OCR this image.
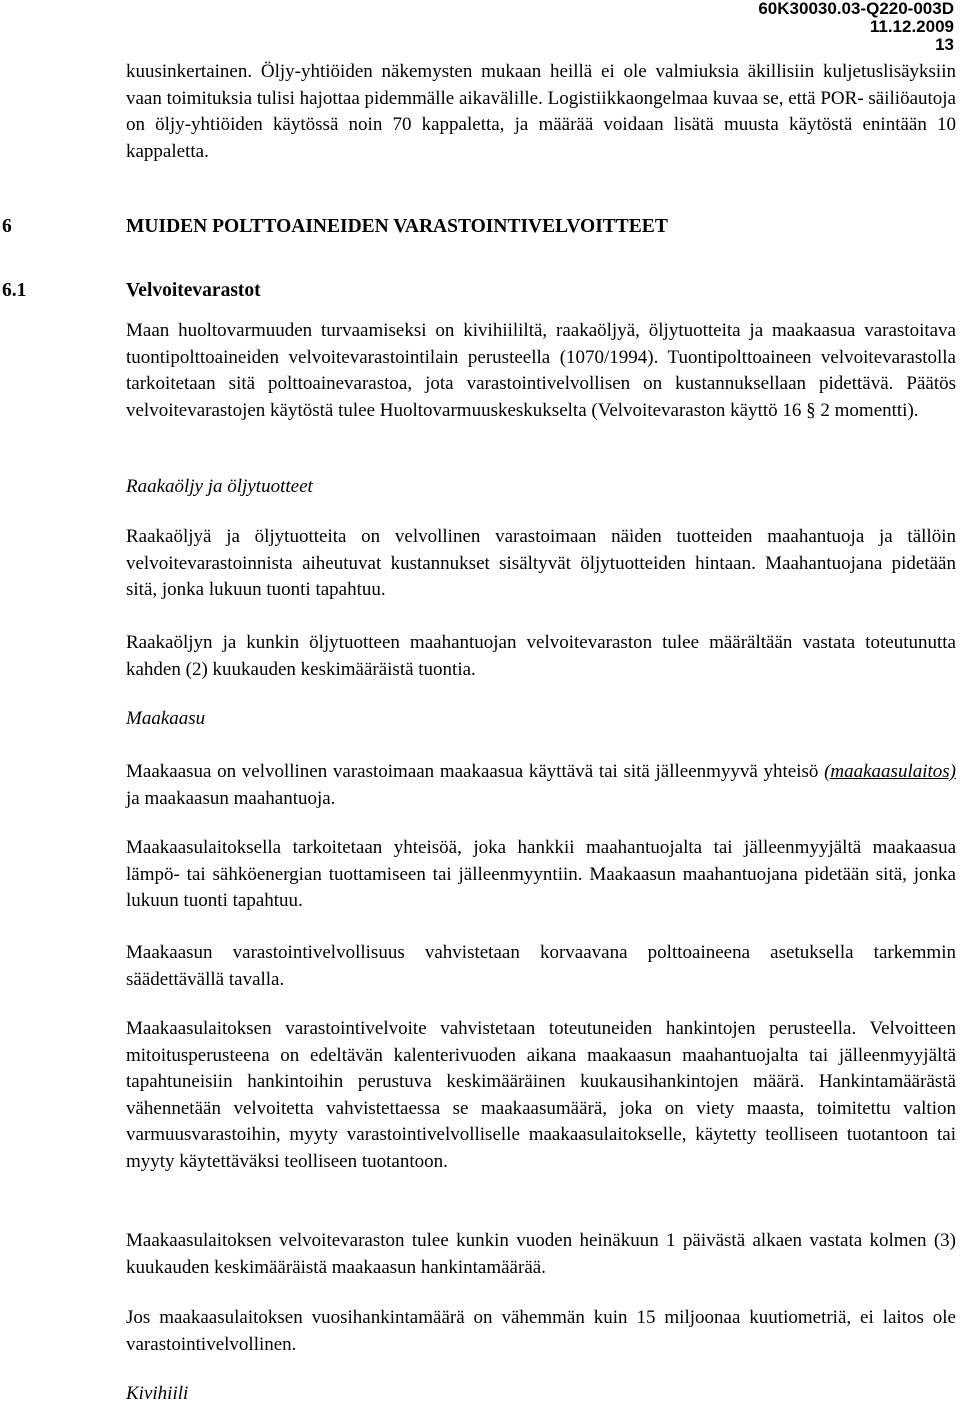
60K30030.03-Q220-003D
11.12.2009
13
kuusinkertainen. Öljy-yhtiöiden näkemysten mukaan heillä ei ole valmiuksia äkillisiin kuljetuslisäyksiin vaan toimituksia tulisi hajottaa pidemmälle aikavälille. Logistiikkaongelmaa kuvaa se, että POR- säiliöautoja on öljy-yhtiöiden käytössä noin 70 kappaletta, ja määrää voidaan lisätä muusta käytöstä enintään 10 kappaletta.
6	MUIDEN POLTTOAINEIDEN VARASTOINTIVELVOITTEET
6.1	Velvoitevarastot
Maan huoltovarmuuden turvaamiseksi on kivihiililtä, raakaöljyä, öljytuotteita ja maakaasua varastoitava tuontipolttoaineiden velvoitevarastointilain perusteella (1070/1994). Tuontipolttoaineen velvoitevarastolla tarkoitetaan sitä polttoainevarastoa, jota varastointivelvollisen on kustannuksellaan pidettävä. Päätös velvoitevarastojen käytöstä tulee Huoltovarmuuskeskukselta (Velvoitevaraston käyttö 16 § 2 momentti).
Raakaöljy ja öljytuotteet
Raakaöljyä ja öljytuotteita on velvollinen varastoimaan näiden tuotteiden maahantuoja ja tällöin velvoitevarastoinnista aiheutuvat kustannukset sisältyvät öljytuotteiden hintaan. Maahantuojana pidetään sitä, jonka lukuun tuonti tapahtuu.
Raakaöljyn ja kunkin öljytuotteen maahantuojan velvoitevaraston tulee määrältään vastata toteutunutta kahden (2) kuukauden keskimääräistä tuontia.
Maakaasu
Maakaasua on velvollinen varastoimaan maakaasua käyttävä tai sitä jälleenmyyvä yhteisö (maakaasulaitos) ja maakaasun maahantuoja.
Maakaasulaitoksella tarkoitetaan yhteisöä, joka hankkii maahantuojalta tai jälleenmyyjältä maakaasua lämpö- tai sähköenergian tuottamiseen tai jälleenmyyntiin. Maakaasun maahantuojana pidetään sitä, jonka lukuun tuonti tapahtuu.
Maakaasun varastointivelvollisuus vahvistetaan korvaavana polttoaineena asetuksella tarkemmin säädettävällä tavalla.
Maakaasulaitoksen varastointivelvoite vahvistetaan toteutuneiden hankintojen perusteella. Velvoitteen mitoitusperusteena on edeltävän kalenterivuoden aikana maakaasun maahantuojalta tai jälleenmyyjältä tapahtuneisiin hankintoihin perustuva keskimääräinen kuukausihankintojen määrä. Hankintamäärästä vähennetään velvoitetta vahvistettaessa se maakaasumäärä, joka on viety maasta, toimitettu valtion varmuusvarastoihin, myyty varastointivelvolliselle maakaasulaitokselle, käytetty teolliseen tuotantoon tai myyty käytettäväksi teolliseen tuotantoon.
Maakaasulaitoksen velvoitevaraston tulee kunkin vuoden heinäkuun 1 päivästä alkaen vastata kolmen (3) kuukauden keskimääräistä maakaasun hankintamäärää.
Jos maakaasulaitoksen vuosihankintamäärä on vähemmän kuin 15 miljoonaa kuutiometriä, ei laitos ole varastointivelvollinen.
Kivihiili
